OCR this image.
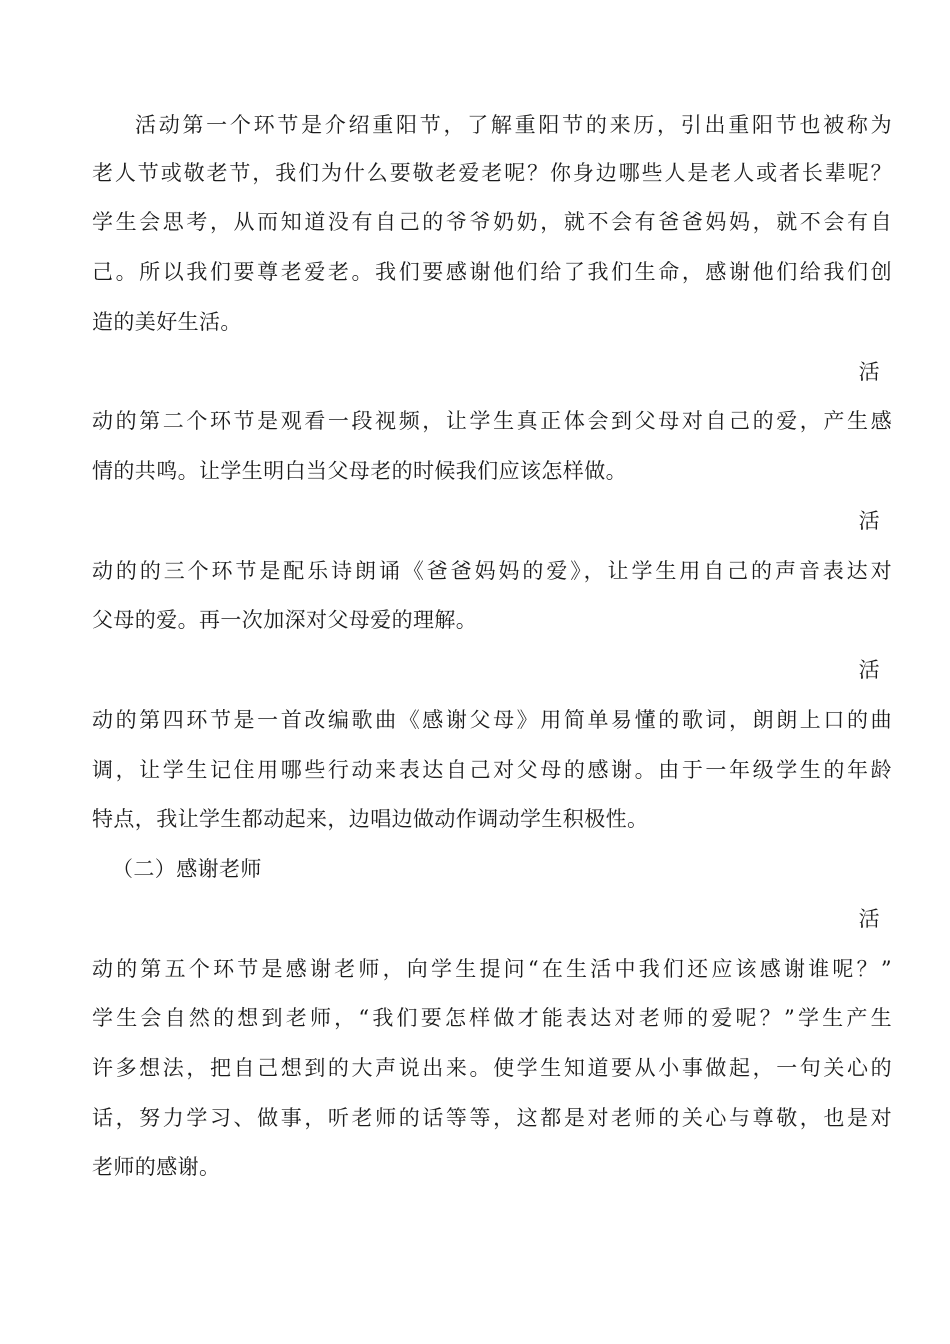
活动第一个环节是介绍重阳节，了解重阳节的来历，引出重阳节也被称为
老人节或敬老节，我们为什么要敬老爱老呢？你身边哪些人是老人或者长辈呢？
学生会思考，从而知道没有自己的爷爷奶奶，就不会有爸爸妈妈，就不会有自
己。所以我们要尊老爱老。我们要感谢他们给了我们生命，感谢他们给我们创
造的美好生活。
活
动的第二个环节是观看一段视频，让学生真正体会到父母对自己的爱，产生感
情的共鸣。让学生明白当父母老的时候我们应该怎样做。
活
动的的三个环节是配乐诗朗诵《爸爸妈妈的爱》，让学生用自己的声音表达对
父母的爱。再一次加深对父母爱的理解。
活
动的第四环节是一首改编歌曲《感谢父母》用简单易懂的歌词，朗朗上口的曲
调，让学生记住用哪些行动来表达自己对父母的感谢。由于一年级学生的年龄
特点，我让学生都动起来，边唱边做动作调动学生积极性。
（二）感谢老师
活
动的第五个环节是感谢老师，向学生提问“在生活中我们还应该感谢谁呢？”
学生会自然的想到老师，“我们要怎样做才能表达对老师的爱呢？”学生产生
许多想法，把自己想到的大声说出来。使学生知道要从小事做起，一句关心的
话，努力学习、做事，听老师的话等等，这都是对老师的关心与尊敬，也是对
老师的感谢。
